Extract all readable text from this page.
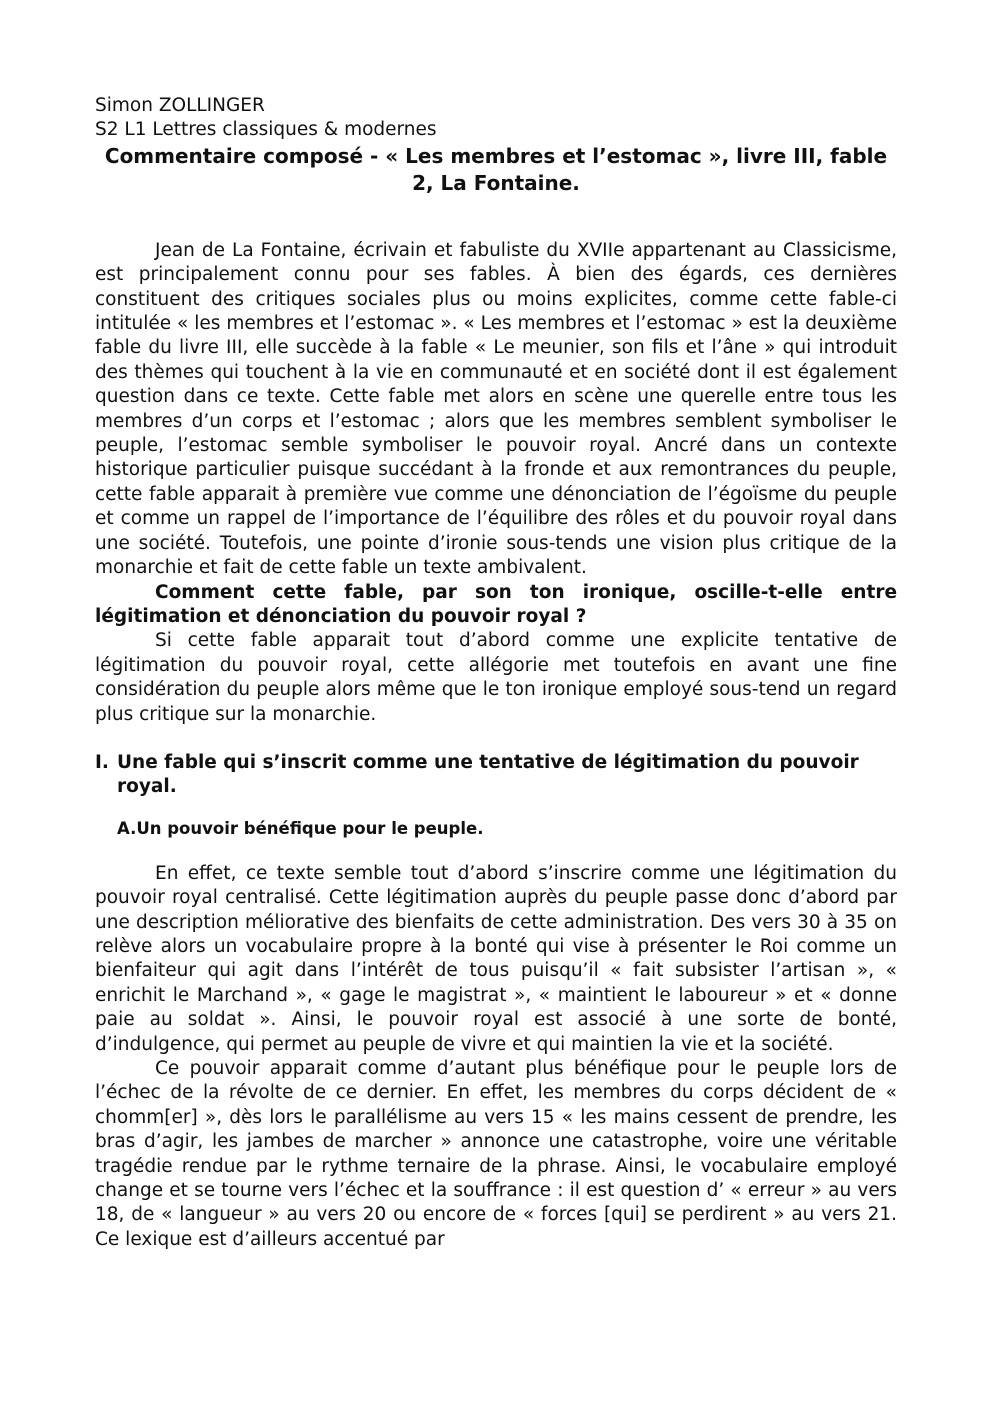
Simon ZOLLINGER

S2 L1 Lettres classiques & modernes

Commentaire composé - « Les membres et l’estomac », livre III, fable 2, La Fontaine.

Jean de La Fontaine, écrivain et fabuliste du XVIIe appartenant au Classicisme, est principalement connu pour ses fables. À bien des égards, ces dernières constituent des critiques sociales plus ou moins explicites, comme cette fable-ci intitulée « les membres et l’estomac ». « Les membres et l’estomac » est la deuxième fable du livre III, elle succède à la fable « Le meunier, son fils et l’âne » qui introduit des thèmes qui touchent à la vie en communauté et en société dont il est également question dans ce texte. Cette fable met alors en scène une querelle entre tous les membres d’un corps et l’estomac ; alors que les membres semblent symboliser le peuple, l’estomac semble symboliser le pouvoir royal. Ancré dans un contexte historique particulier puisque succédant à la fronde et aux remontrances du peuple, cette fable apparait à première vue comme une dénonciation de l’égoïsme du peuple et comme un rappel de l’importance de l’équilibre des rôles et du pouvoir royal dans une société. Toutefois, une pointe d’ironie sous-tends une vision plus critique de la monarchie et fait de cette fable un texte ambivalent.

Comment cette fable, par son ton ironique, oscille-t-elle entre légitimation et dénonciation du pouvoir royal ?

Si cette fable apparait tout d’abord comme une explicite tentative de légitimation du pouvoir royal, cette allégorie met toutefois en avant une fine considération du peuple alors même que le ton ironique employé sous-tend un regard plus critique sur la monarchie.

I. Une fable qui s’inscrit comme une tentative de légitimation du pouvoir royal.

A.Un pouvoir bénéfique pour le peuple.

En effet, ce texte semble tout d’abord s’inscrire comme une légitimation du pouvoir royal centralisé. Cette légitimation auprès du peuple passe donc d’abord par une description méliorative des bienfaits de cette administration. Des vers 30 à 35 on relève alors un vocabulaire propre à la bonté qui vise à présenter le Roi comme un bienfaiteur qui agit dans l’intérêt de tous puisqu’il « fait subsister l’artisan », « enrichit le Marchand », « gage le magistrat », « maintient le laboureur » et « donne paie au soldat ». Ainsi, le pouvoir royal est associé à une sorte de bonté, d’indulgence, qui permet au peuple de vivre et qui maintien la vie et la société.

Ce pouvoir apparait comme d’autant plus bénéfique pour le peuple lors de l’échec de la révolte de ce dernier. En effet, les membres du corps décident de « chomm[er] », dès lors le parallélisme au vers 15 « les mains cessent de prendre, les bras d’agir, les jambes de marcher » annonce une catastrophe, voire une véritable tragédie rendue par le rythme ternaire de la phrase. Ainsi, le vocabulaire employé change et se tourne vers l’échec et la souffrance : il est question d’ « erreur » au vers 18, de « langueur » au vers 20 ou encore de « forces [qui] se perdirent » au vers 21. Ce lexique est d’ailleurs accentué par
